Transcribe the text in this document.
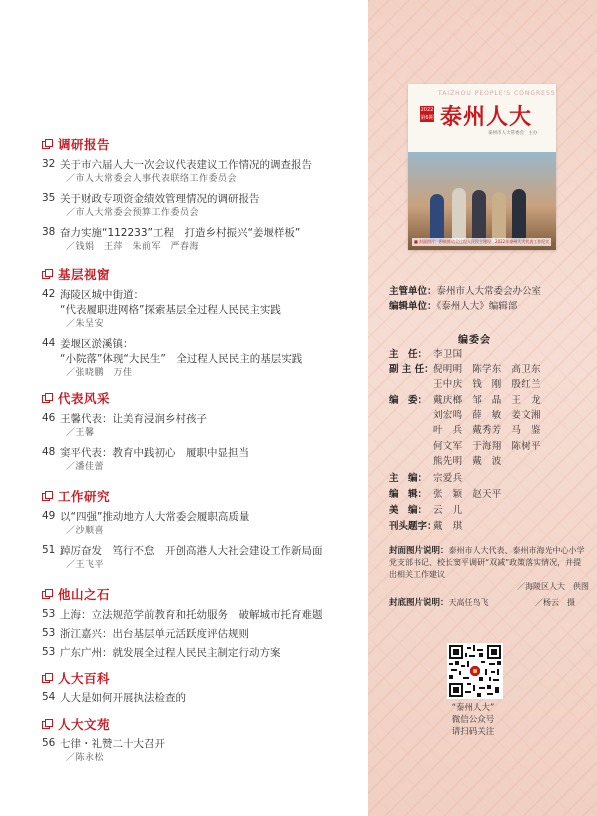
调研报告
32 关于市六届人大一次会议代表建议工作情况的调查报告
／市人大常委会人事代表联络工作委员会
35 关于财政专项资金绩效管理情况的调研报告
／市人大常委会预算工作委员会
38 奋力实施“112233”工程　打造乡村振兴“姜堰样板”
／钱娟　王萍　朱前军　严春海
基层视窗
42 海陵区城中街道：
“代表履职进网格”探索基层全过程人民民主实践
／朱呈安
44 姜堰区淤溪镇：
“小院落”体现“大民生”　全过程人民民主的基层实践
／张晓鹏　万佳
代表风采
46 王馨代表：让美育浸润乡村孩子
／王馨
48 窦平代表：教育中践初心　履职中显担当
／潘佳蕾
工作研究
49 以“四强”推动地方人大常委会履职高质量
／沙顺喜
51 踔厉奋发　笃行不怠　开创高港人大社会建设工作新局面
／王飞平
他山之石
53 上海：立法规范学前教育和托幼服务　破解城市托育难题
53 浙江嘉兴：出台基层单元活跃度评估规则
53 广东广州：就发展全过程人民民主制定行动方案
人大百科
54 人大是如何开展执法检查的
人大文苑
56 七律・礼赞二十大召开
／陈永松
2022 第6期
TAIZHOU PEOPLE'S CONGRESS
泰州人大
泰州市人大常委会　主办
■ 封面图片：积极推动全过程人民民主建设　2022年泰州人大代表工作纪实
主管单位：泰州市人大常委会办公室
编辑单位：《泰州人大》编辑部
编委会
主　任： 李卫国
副 主 任：倪明明　陈学东　高卫东
王中庆　钱　刚　殷红兰
编　委： 戴庆榔　邹　晶　王　龙
刘宏鸣　薛　敏　姜文湘
叶　兵　戴秀芳　马　鉴
何文军　于海翔　陈树平
熊先明　戴　波
主　编： 宗爱兵
编　辑： 张　颖　赵天平
美　编： 云　儿
刊头题字：戴　琪
封面图片说明：泰州市人大代表、泰州市海光中心小学党支部书记、校长窦平调研“双减”政策落实情况，并提出相关工作建议
／海陵区人大　供图
封底图片说明：天高任鸟飞	／杨云　摄
“泰州人大”
微信公众号
请扫码关注
